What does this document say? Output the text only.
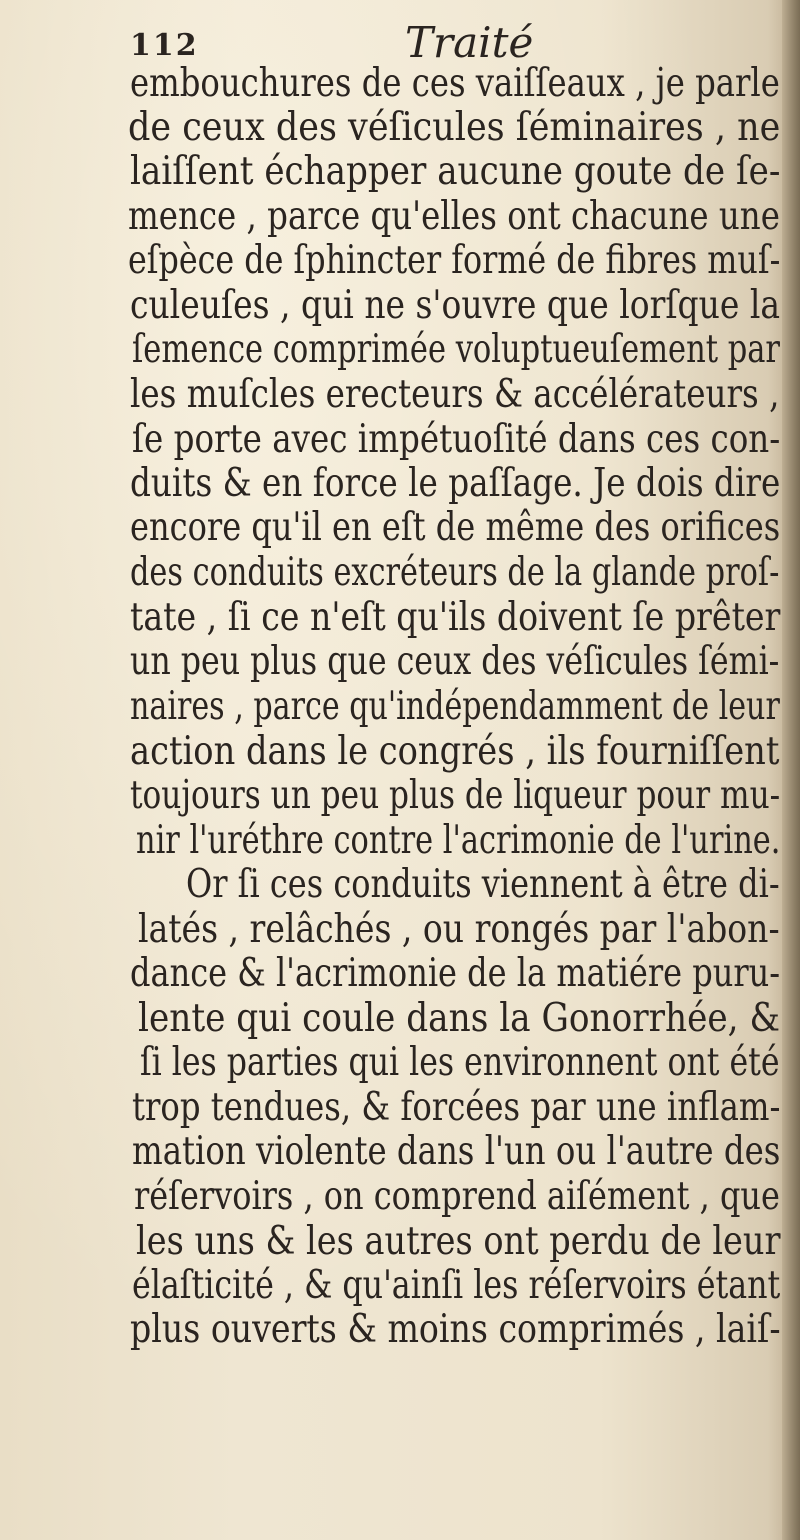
112	Traité
embouchures de ces vaiſſeaux , je parle
de ceux des véſicules ſéminaires , ne
laiſſent échapper aucune goute de ſe-
mence , parce qu'elles ont chacune une
eſpèce de ſphincter formé de fibres muſ-
culeuſes , qui ne s'ouvre que lorſque la
ſemence comprimée voluptueuſement par
les muſcles erecteurs & accélérateurs ,
ſe porte avec impétuoſité dans ces con-
duits & en force le paſſage. Je dois dire
encore qu'il en eſt de même des orifices
des conduits excréteurs de la glande proſ-
tate , ſi ce n'eſt qu'ils doivent ſe prêter
un peu plus que ceux des véſicules ſémi-
naires , parce qu'indépendamment de leur
action dans le congrés , ils fourniſſent
toujours un peu plus de liqueur pour mu-
nir l'uréthre contre l'acrimonie de l'urine.
Or ſi ces conduits viennent à être di-
latés , relâchés , ou rongés par l'abon-
dance & l'acrimonie de la matiére puru-
lente qui coule dans la Gonorrhée, &
ſi les parties qui les environnent ont été
trop tendues, & forcées par une inflam-
mation violente dans l'un ou l'autre des
réſervoirs , on comprend aiſément , que
les uns & les autres ont perdu de leur
élaſticité , & qu'ainſi les réſervoirs étant
plus ouverts & moins comprimés , laiſ-
